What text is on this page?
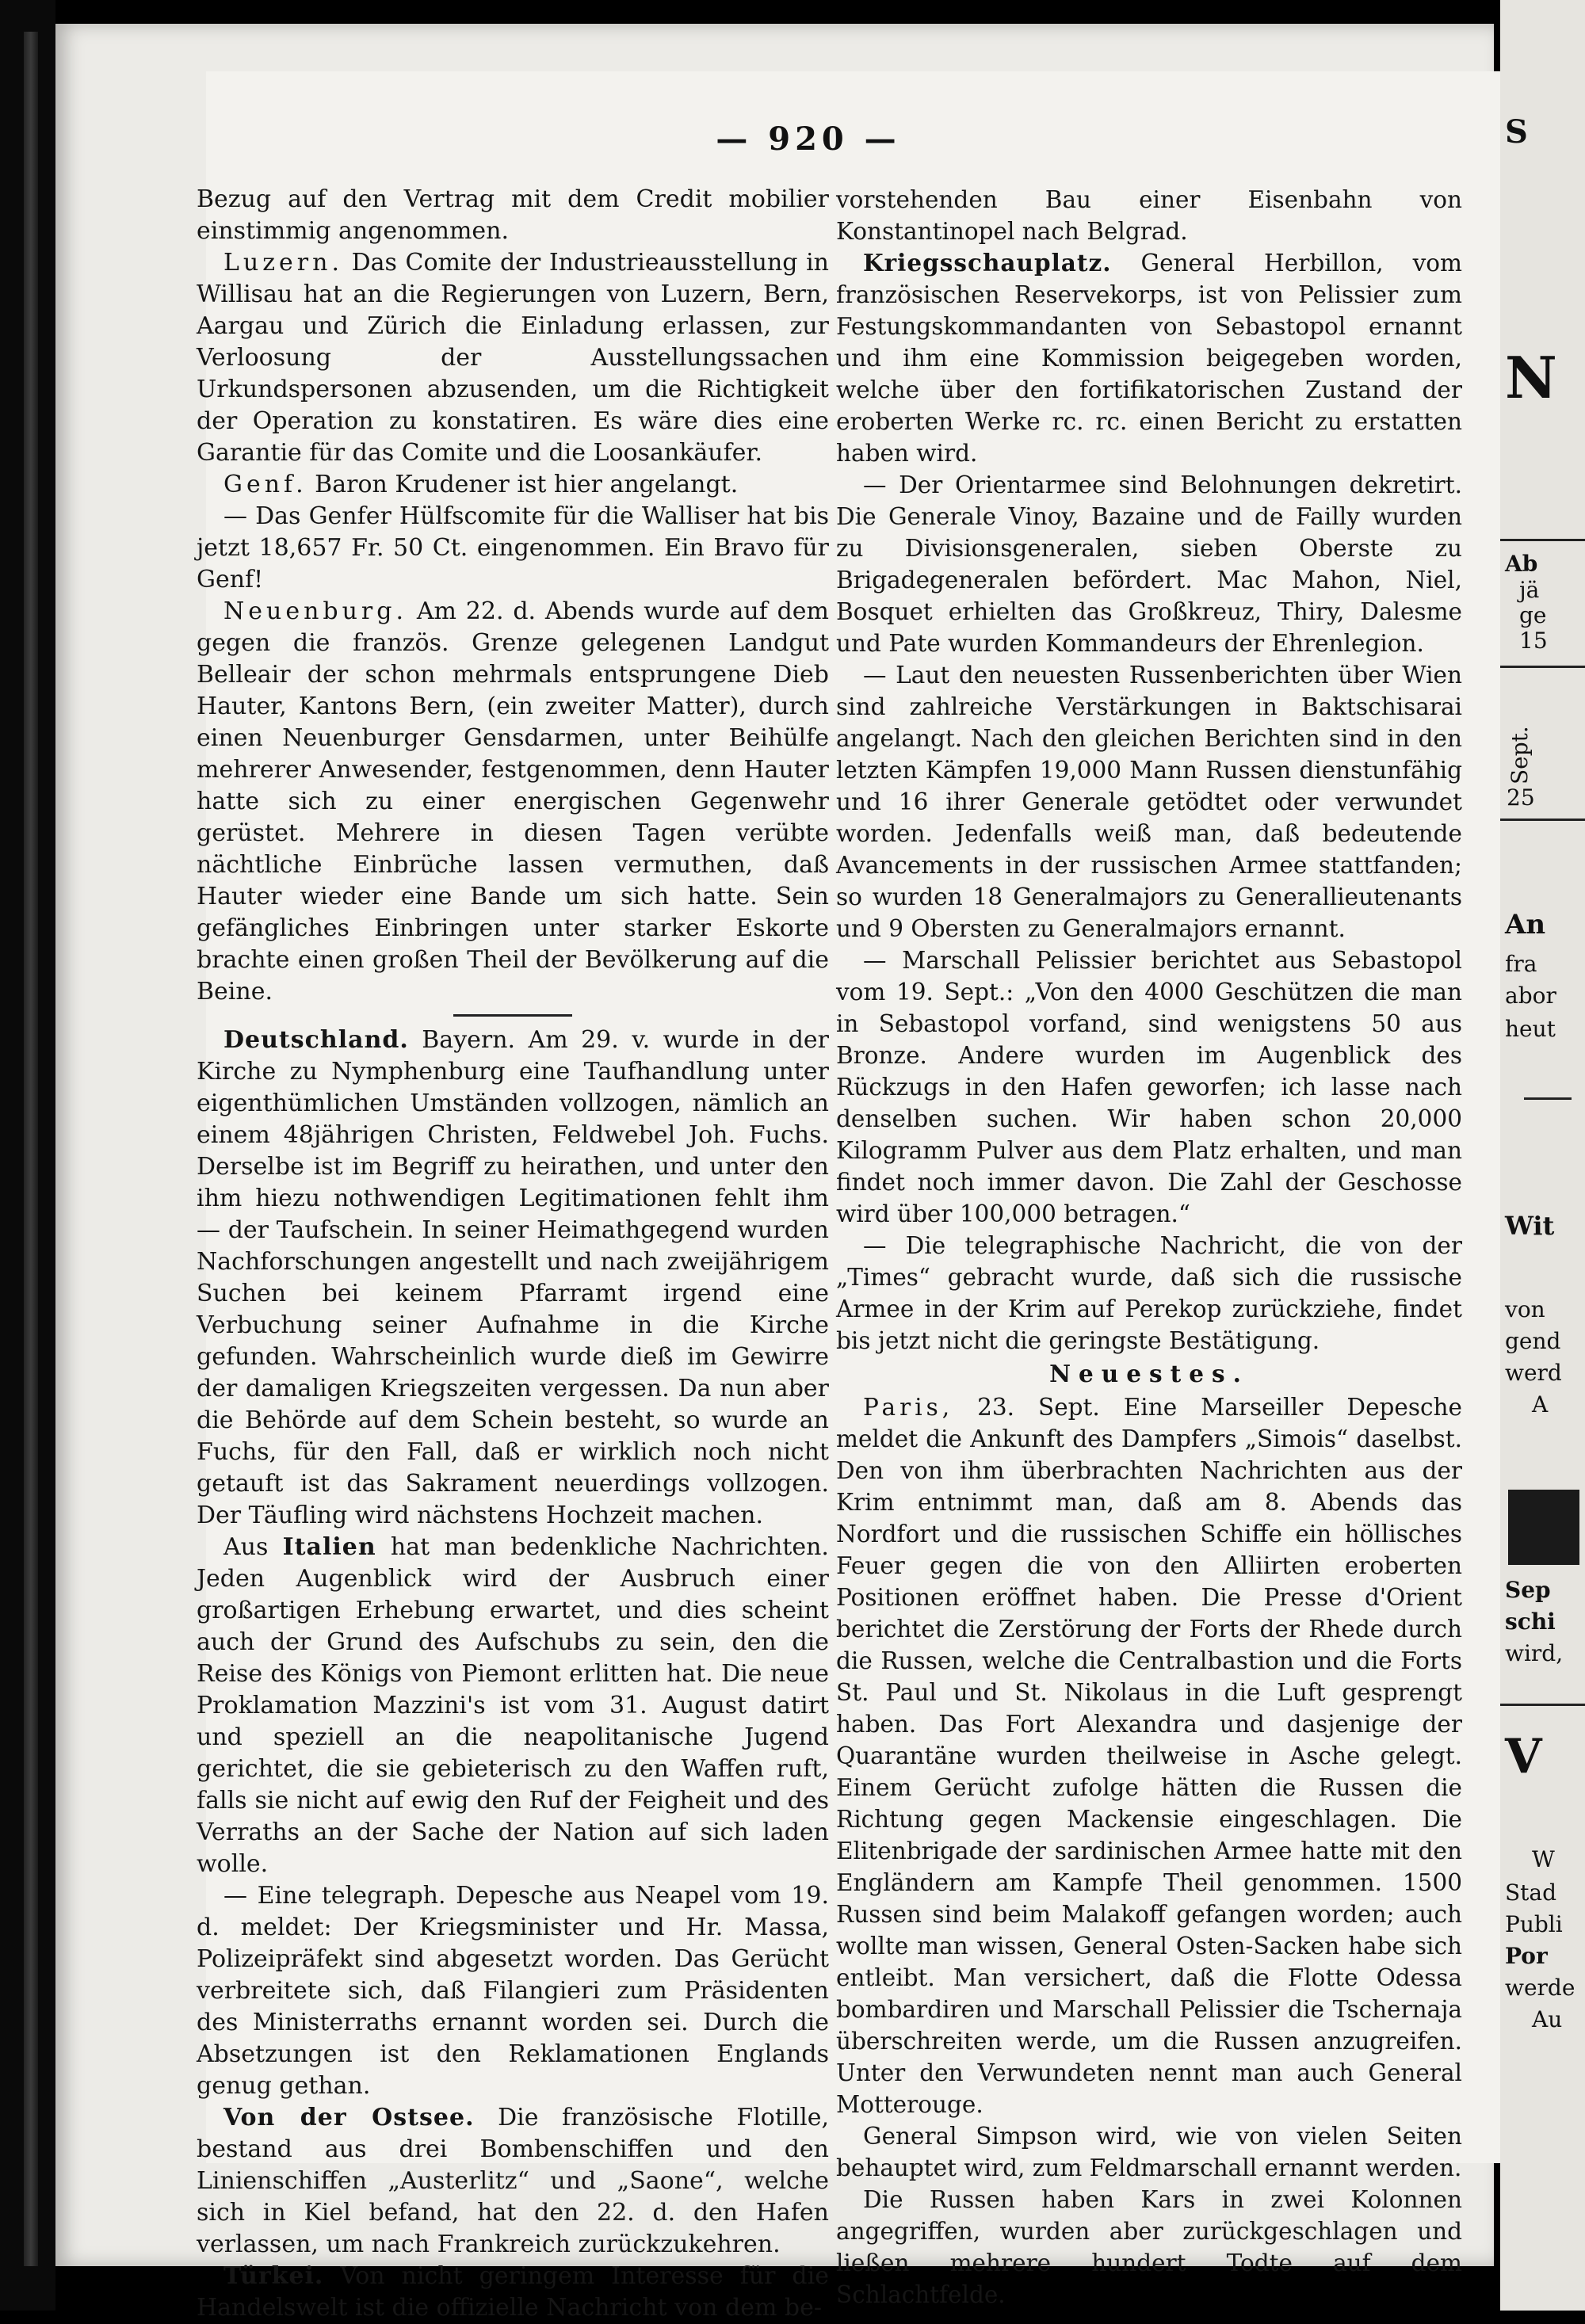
— 920 —

Bezug auf den Vertrag mit dem Credit mobilier einstimmig angenommen.

Luzern. Das Comite der Industrieausstellung in Willisau hat an die Regierungen von Luzern, Bern, Aargau und Zürich die Einladung erlassen, zur Verloosung der Ausstellungssachen Urkundspersonen abzusenden, um die Richtigkeit der Operation zu konstatiren. Es wäre dies eine Garantie für das Comite und die Loosankäufer.

Genf. Baron Krudener ist hier angelangt.

— Das Genfer Hülfscomite für die Walliser hat bis jetzt 18,657 Fr. 50 Ct. eingenommen. Ein Bravo für Genf!

Neuenburg. Am 22. d. Abends wurde auf dem gegen die französ. Grenze gelegenen Landgut Belleair der schon mehrmals entsprungene Dieb Hauter, Kantons Bern, (ein zweiter Matter), durch einen Neuenburger Gensdarmen, unter Beihülfe mehrerer Anwesender, festgenommen, denn Hauter hatte sich zu einer energischen Gegenwehr gerüstet. Mehrere in diesen Tagen verübte nächtliche Einbrüche lassen vermuthen, daß Hauter wieder eine Bande um sich hatte. Sein gefängliches Einbringen unter starker Eskorte brachte einen großen Theil der Bevölkerung auf die Beine.

Deutschland. Bayern. Am 29. v. wurde in der Kirche zu Nymphenburg eine Taufhandlung unter eigenthümlichen Umständen vollzogen, nämlich an einem 48jährigen Christen, Feldwebel Joh. Fuchs. Derselbe ist im Begriff zu heirathen, und unter den ihm hiezu nothwendigen Legitimationen fehlt ihm — der Taufschein. In seiner Heimathgegend wurden Nachforschungen angestellt und nach zweijährigem Suchen bei keinem Pfarramt irgend eine Verbuchung seiner Aufnahme in die Kirche gefunden. Wahrscheinlich wurde dieß im Gewirre der damaligen Kriegszeiten vergessen. Da nun aber die Behörde auf dem Schein besteht, so wurde an Fuchs, für den Fall, daß er wirklich noch nicht getauft ist das Sakrament neuerdings vollzogen. Der Täufling wird nächstens Hochzeit machen.

Aus Italien hat man bedenkliche Nachrichten. Jeden Augenblick wird der Ausbruch einer großartigen Erhebung erwartet, und dies scheint auch der Grund des Aufschubs zu sein, den die Reise des Königs von Piemont erlitten hat. Die neue Proklamation Mazzini's ist vom 31. August datirt und speziell an die neapolitanische Jugend gerichtet, die sie gebieterisch zu den Waffen ruft, falls sie nicht auf ewig den Ruf der Feigheit und des Verraths an der Sache der Nation auf sich laden wolle.

— Eine telegraph. Depesche aus Neapel vom 19. d. meldet: Der Kriegsminister und Hr. Massa, Polizeipräfekt sind abgesetzt worden. Das Gerücht verbreitete sich, daß Filangieri zum Präsidenten des Ministerraths ernannt worden sei. Durch die Absetzungen ist den Reklamationen Englands genug gethan.

Von der Ostsee. Die französische Flotille, bestand aus drei Bombenschiffen und den Linienschiffen „Austerlitz“ und „Saone“, welche sich in Kiel befand, hat den 22. d. den Hafen verlassen, um nach Frankreich zurückzukehren.

Türkei. Von nicht geringem Interesse für die Handelswelt ist die offizielle Nachricht von dem be-

vorstehenden Bau einer Eisenbahn von Konstantinopel nach Belgrad.

Kriegsschauplatz. General Herbillon, vom französischen Reservekorps, ist von Pelissier zum Festungskommandanten von Sebastopol ernannt und ihm eine Kommission beigegeben worden, welche über den fortifikatorischen Zustand der eroberten Werke rc. rc. einen Bericht zu erstatten haben wird.

— Der Orientarmee sind Belohnungen dekretirt. Die Generale Vinoy, Bazaine und de Failly wurden zu Divisionsgeneralen, sieben Oberste zu Brigadegeneralen befördert. Mac Mahon, Niel, Bosquet erhielten das Großkreuz, Thiry, Dalesme und Pate wurden Kommandeurs der Ehrenlegion.

— Laut den neuesten Russenberichten über Wien sind zahlreiche Verstärkungen in Baktschisarai angelangt. Nach den gleichen Berichten sind in den letzten Kämpfen 19,000 Mann Russen dienstunfähig und 16 ihrer Generale getödtet oder verwundet worden. Jedenfalls weiß man, daß bedeutende Avancements in der russischen Armee stattfanden; so wurden 18 Generalmajors zu Generallieutenants und 9 Obersten zu Generalmajors ernannt.

— Marschall Pelissier berichtet aus Sebastopol vom 19. Sept.: „Von den 4000 Geschützen die man in Sebastopol vorfand, sind wenigstens 50 aus Bronze. Andere wurden im Augenblick des Rückzugs in den Hafen geworfen; ich lasse nach denselben suchen. Wir haben schon 20,000 Kilogramm Pulver aus dem Platz erhalten, und man findet noch immer davon. Die Zahl der Geschosse wird über 100,000 betragen.“

— Die telegraphische Nachricht, die von der „Times“ gebracht wurde, daß sich die russische Armee in der Krim auf Perekop zurückziehe, findet bis jetzt nicht die geringste Bestätigung.

Neuestes.

Paris, 23. Sept. Eine Marseiller Depesche meldet die Ankunft des Dampfers „Simois“ daselbst. Den von ihm überbrachten Nachrichten aus der Krim entnimmt man, daß am 8. Abends das Nordfort und die russischen Schiffe ein höllisches Feuer gegen die von den Alliirten eroberten Positionen eröffnet haben. Die Presse d'Orient berichtet die Zerstörung der Forts der Rhede durch die Russen, welche die Centralbastion und die Forts St. Paul und St. Nikolaus in die Luft gesprengt haben. Das Fort Alexandra und dasjenige der Quarantäne wurden theilweise in Asche gelegt. Einem Gerücht zufolge hätten die Russen die Richtung gegen Mackensie eingeschlagen. Die Elitenbrigade der sardinischen Armee hatte mit den Engländern am Kampfe Theil genommen. 1500 Russen sind beim Malakoff gefangen worden; auch wollte man wissen, General Osten-Sacken habe sich entleibt. Man versichert, daß die Flotte Odessa bombardiren und Marschall Pelissier die Tschernaja überschreiten werde, um die Russen anzugreifen. Unter den Verwundeten nennt man auch General Motterouge.

General Simpson wird, wie von vielen Seiten behauptet wird, zum Feldmarschall ernannt werden.

Die Russen haben Kars in zwei Kolonnen angegriffen, wurden aber zurückgeschlagen und ließen mehrere hundert Todte auf dem Schlachtfelde.

S
N
Ab
jä
ge
15
Sept.
25
An
fra
abor
heut
Wit
von
gend
werd
A
Sep
schi
wird,
V
W
Stad
Publi
Por
werde
Au
